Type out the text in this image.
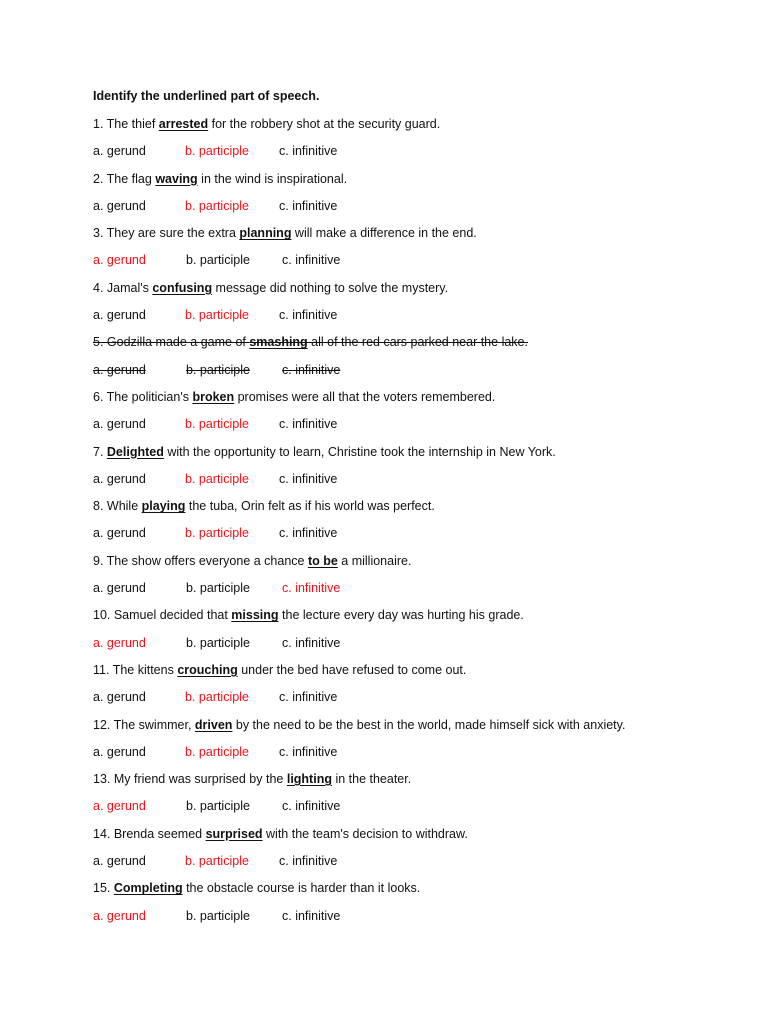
Identify the underlined part of speech.
1. The thief arrested for the robbery shot at the security guard.
a. gerund	b. participle c. infinitive
2. The flag waving in the wind is inspirational.
a. gerund	b. participle c. infinitive
3. They are sure the extra planning will make a difference in the end.
a. gerund	b. participle	c. infinitive
4. Jamal's confusing message did nothing to solve the mystery.
a. gerund	b. participle c. infinitive
5. Godzilla made a game of smashing all of the red cars parked near the lake.
a. gerund	b. participle	c. infinitive
6. The politician's broken promises were all that the voters remembered.
a. gerund	b. participle c. infinitive
7. Delighted with the opportunity to learn, Christine took the internship in New York.
a. gerund	b. participle c. infinitive
8. While playing the tuba, Orin felt as if his world was perfect.
a. gerund	b. participle c. infinitive
9. The show offers everyone a chance to be a millionaire.
a. gerund	b. participle	c. infinitive
10. Samuel decided that missing the lecture every day was hurting his grade.
a. gerund	b. participle	c. infinitive
11. The kittens crouching under the bed have refused to come out.
a. gerund	b. participle c. infinitive
12. The swimmer, driven by the need to be the best in the world, made himself sick with anxiety.
a. gerund	b. participle c. infinitive
13. My friend was surprised by the lighting in the theater.
a. gerund	b. participle	c. infinitive
14. Brenda seemed surprised with the team's decision to withdraw.
a. gerund	b. participle c. infinitive
15. Completing the obstacle course is harder than it looks.
a. gerund	b. participle	c. infinitive
